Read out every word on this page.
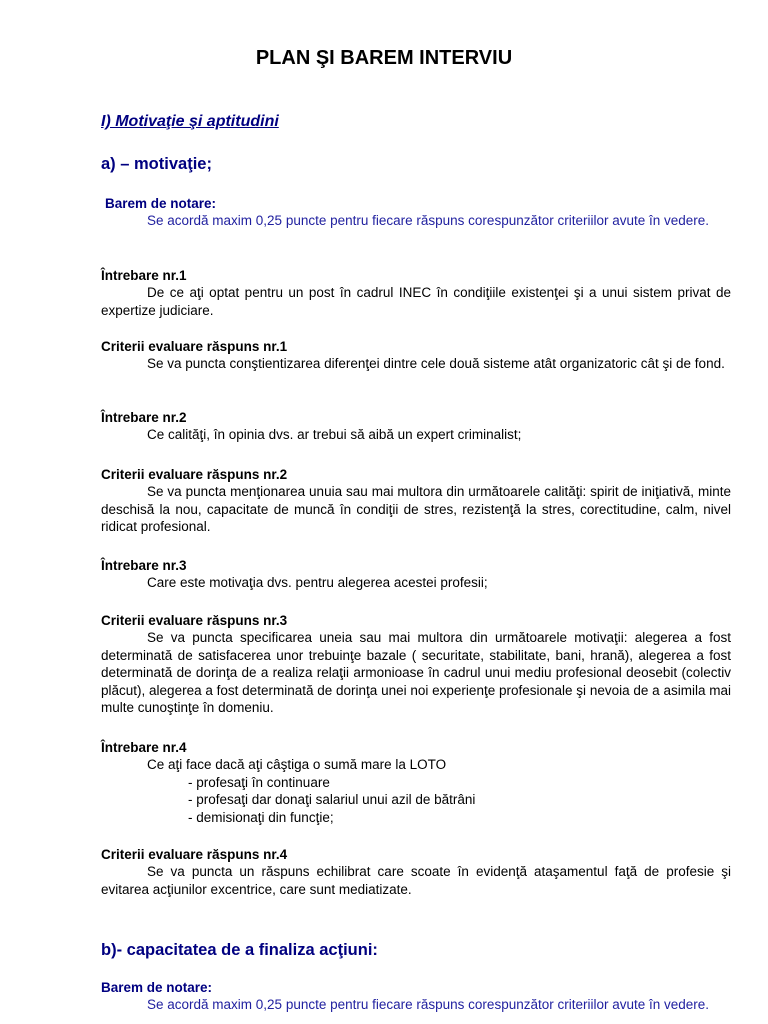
PLAN ŞI BAREM INTERVIU
I) Motivaţie şi aptitudini
a) – motivaţie;
Barem de notare:
Se acordă maxim 0,25 puncte pentru fiecare răspuns corespunzător criteriilor avute în vedere.
Întrebare nr.1
De ce aţi optat pentru un post în cadrul INEC în condiţiile existenţei şi a unui sistem privat de expertize judiciare.
Criterii evaluare răspuns nr.1
Se va puncta conştientizarea diferenţei dintre cele două sisteme atât organizatoric cât şi de fond.
Întrebare nr.2
Ce calităţi, în opinia dvs. ar trebui să aibă un expert criminalist;
Criterii evaluare răspuns nr.2
Se va puncta menţionarea unuia sau mai multora din următoarele calităţi: spirit de iniţiativă, minte deschisă la nou, capacitate de muncă în condiţii de stres, rezistenţă la stres, corectitudine, calm, nivel ridicat profesional.
Întrebare nr.3
Care este motivaţia dvs. pentru alegerea acestei profesii;
Criterii evaluare răspuns nr.3
Se va puncta specificarea uneia sau mai multora din următoarele motivaţii: alegerea a fost determinată de satisfacerea unor trebuinţe bazale ( securitate, stabilitate, bani, hrană), alegerea a fost determinată de dorinţa de a realiza relaţii armonioase în cadrul unui mediu profesional deosebit (colectiv plăcut), alegerea a fost determinată de dorinţa unei noi experienţe profesionale şi nevoia de a asimila mai multe cunoştinţe în domeniu.
Întrebare nr.4
Ce aţi face dacă aţi câştiga o sumă mare la LOTO
- profesaţi în continuare
- profesaţi dar donaţi salariul unui azil de bătrâni
- demisionaţi din funcţie;
Criterii evaluare răspuns nr.4
Se va puncta un răspuns echilibrat care scoate în evidenţă ataşamentul faţă de profesie şi evitarea acţiunilor excentrice, care sunt mediatizate.
b)- capacitatea de a finaliza acţiuni:
Barem de notare:
Se acordă maxim 0,25 puncte pentru fiecare răspuns corespunzător criteriilor avute în vedere.
